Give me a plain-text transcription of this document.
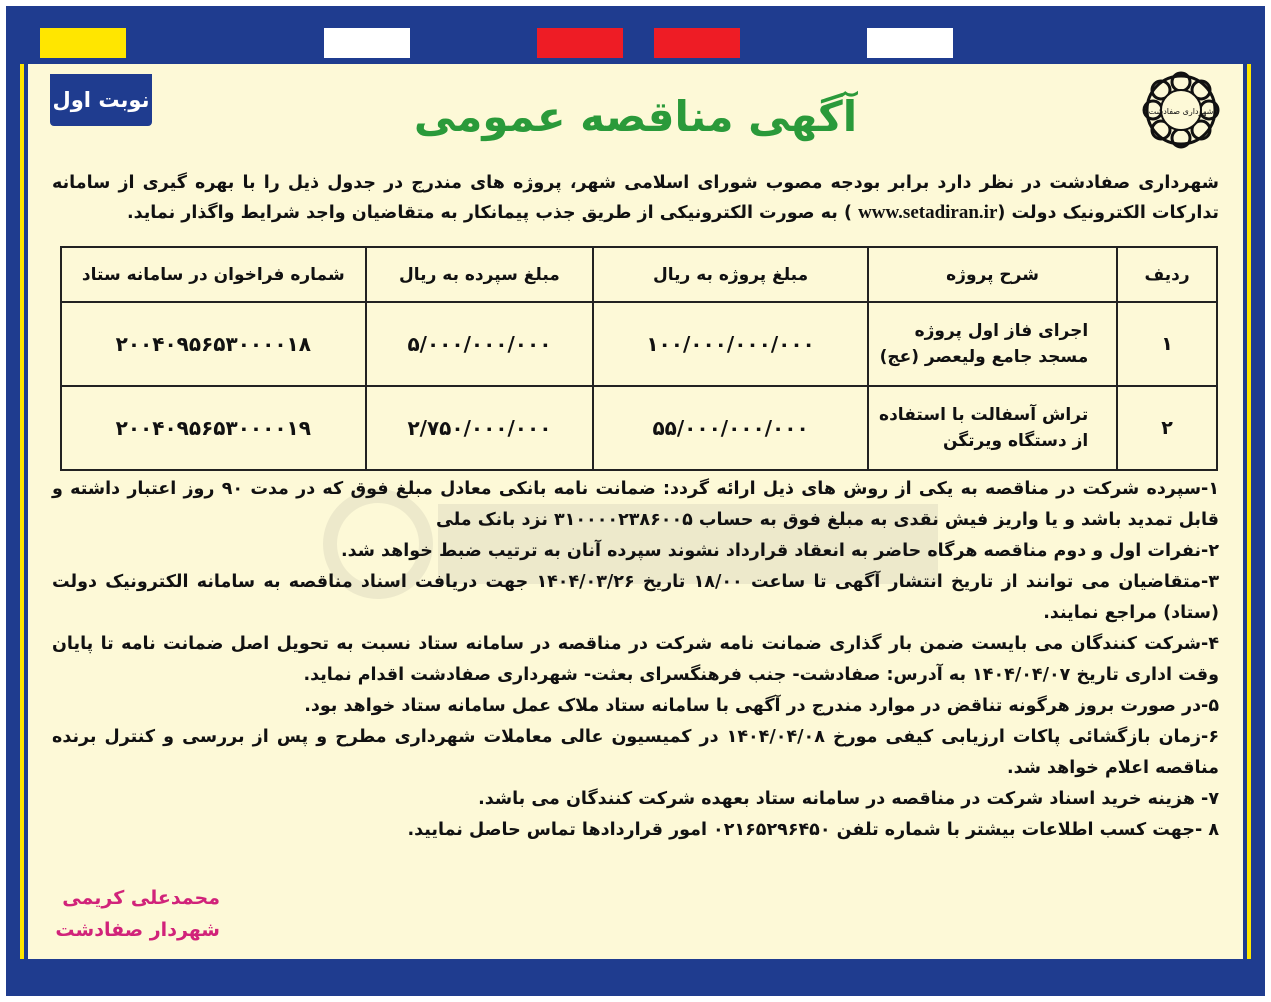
نوبت اول	شهرداری صفادشت
آگهی مناقصه عمومی
شهرداری صفادشت در نظر دارد برابر بودجه مصوب شورای اسلامی شهر، پروژه های مندرج در جدول ذیل را با بهره گیری از سامانه تدارکات الکترونیک دولت (www.setadiran.ir ) به صورت الکترونیکی از طریق جذب پیمانکار به متقاضیان واجد شرایط واگذار نماید.
ردیف	شرح پروژه	مبلغ پروژه به ریال	مبلغ سپرده به ریال	شماره فراخوان در سامانه ستاد
۱	اجرای فاز اول پروژه
مسجد جامع ولیعصر (عج)	۱۰۰/۰۰۰/۰۰۰/۰۰۰	۵/۰۰۰/۰۰۰/۰۰۰	۲۰۰۴۰۹۵۶۵۳۰۰۰۰۱۸
۲	تراش آسفالت با استفاده
از دستگاه ویرتگن	۵۵/۰۰۰/۰۰۰/۰۰۰	۲/۷۵۰/۰۰۰/۰۰۰	۲۰۰۴۰۹۵۶۵۳۰۰۰۰۱۹

۱-سپرده شرکت در مناقصه به یکی از روش های ذیل ارائه گردد: ضمانت نامه بانکی معادل مبلغ فوق که در مدت ۹۰ روز اعتبار داشته و قابل تمدید باشد و یا واریز فیش نقدی به مبلغ فوق به حساب ۳۱۰۰۰۰۲۳۸۶۰۰۵ نزد بانک ملی

۲-نفرات اول و دوم مناقصه هرگاه حاضر به انعقاد قرارداد نشوند سپرده آنان به ترتیب ضبط خواهد شد.

۳-متقاضیان می توانند از تاریخ انتشار آگهی تا ساعت ۱۸/۰۰ تاریخ ۱۴۰۴/۰۳/۲۶ جهت دریافت اسناد مناقصه به سامانه الکترونیک دولت (ستاد) مراجع نمایند.

۴-شرکت کنندگان می بایست ضمن بار گذاری ضمانت نامه شرکت در مناقصه در سامانه ستاد نسبت به تحویل اصل ضمانت نامه تا پایان وقت اداری تاریخ ۱۴۰۴/۰۴/۰۷ به آدرس: صفادشت- جنب فرهنگسرای بعثت- شهرداری صفادشت اقدام نماید.

۵-در صورت بروز هرگونه تناقض در موارد مندرج در آگهی با سامانه ستاد ملاک عمل سامانه ستاد خواهد بود.

۶-زمان بازگشائی پاکات ارزیابی کیفی مورخ ۱۴۰۴/۰۴/۰۸ در کمیسیون عالی معاملات شهرداری مطرح و پس از بررسی و کنترل برنده مناقصه اعلام خواهد شد.

۷- هزینه خرید اسناد شرکت در مناقصه در سامانه ستاد بعهده شرکت کنندگان می باشد.

۸ -جهت کسب اطلاعات بیشتر با شماره تلفن ۰۲۱۶۵۲۹۶۴۵۰ امور قراردادها تماس حاصل نمایید.

محمدعلی کریمی
شهردار صفادشت
